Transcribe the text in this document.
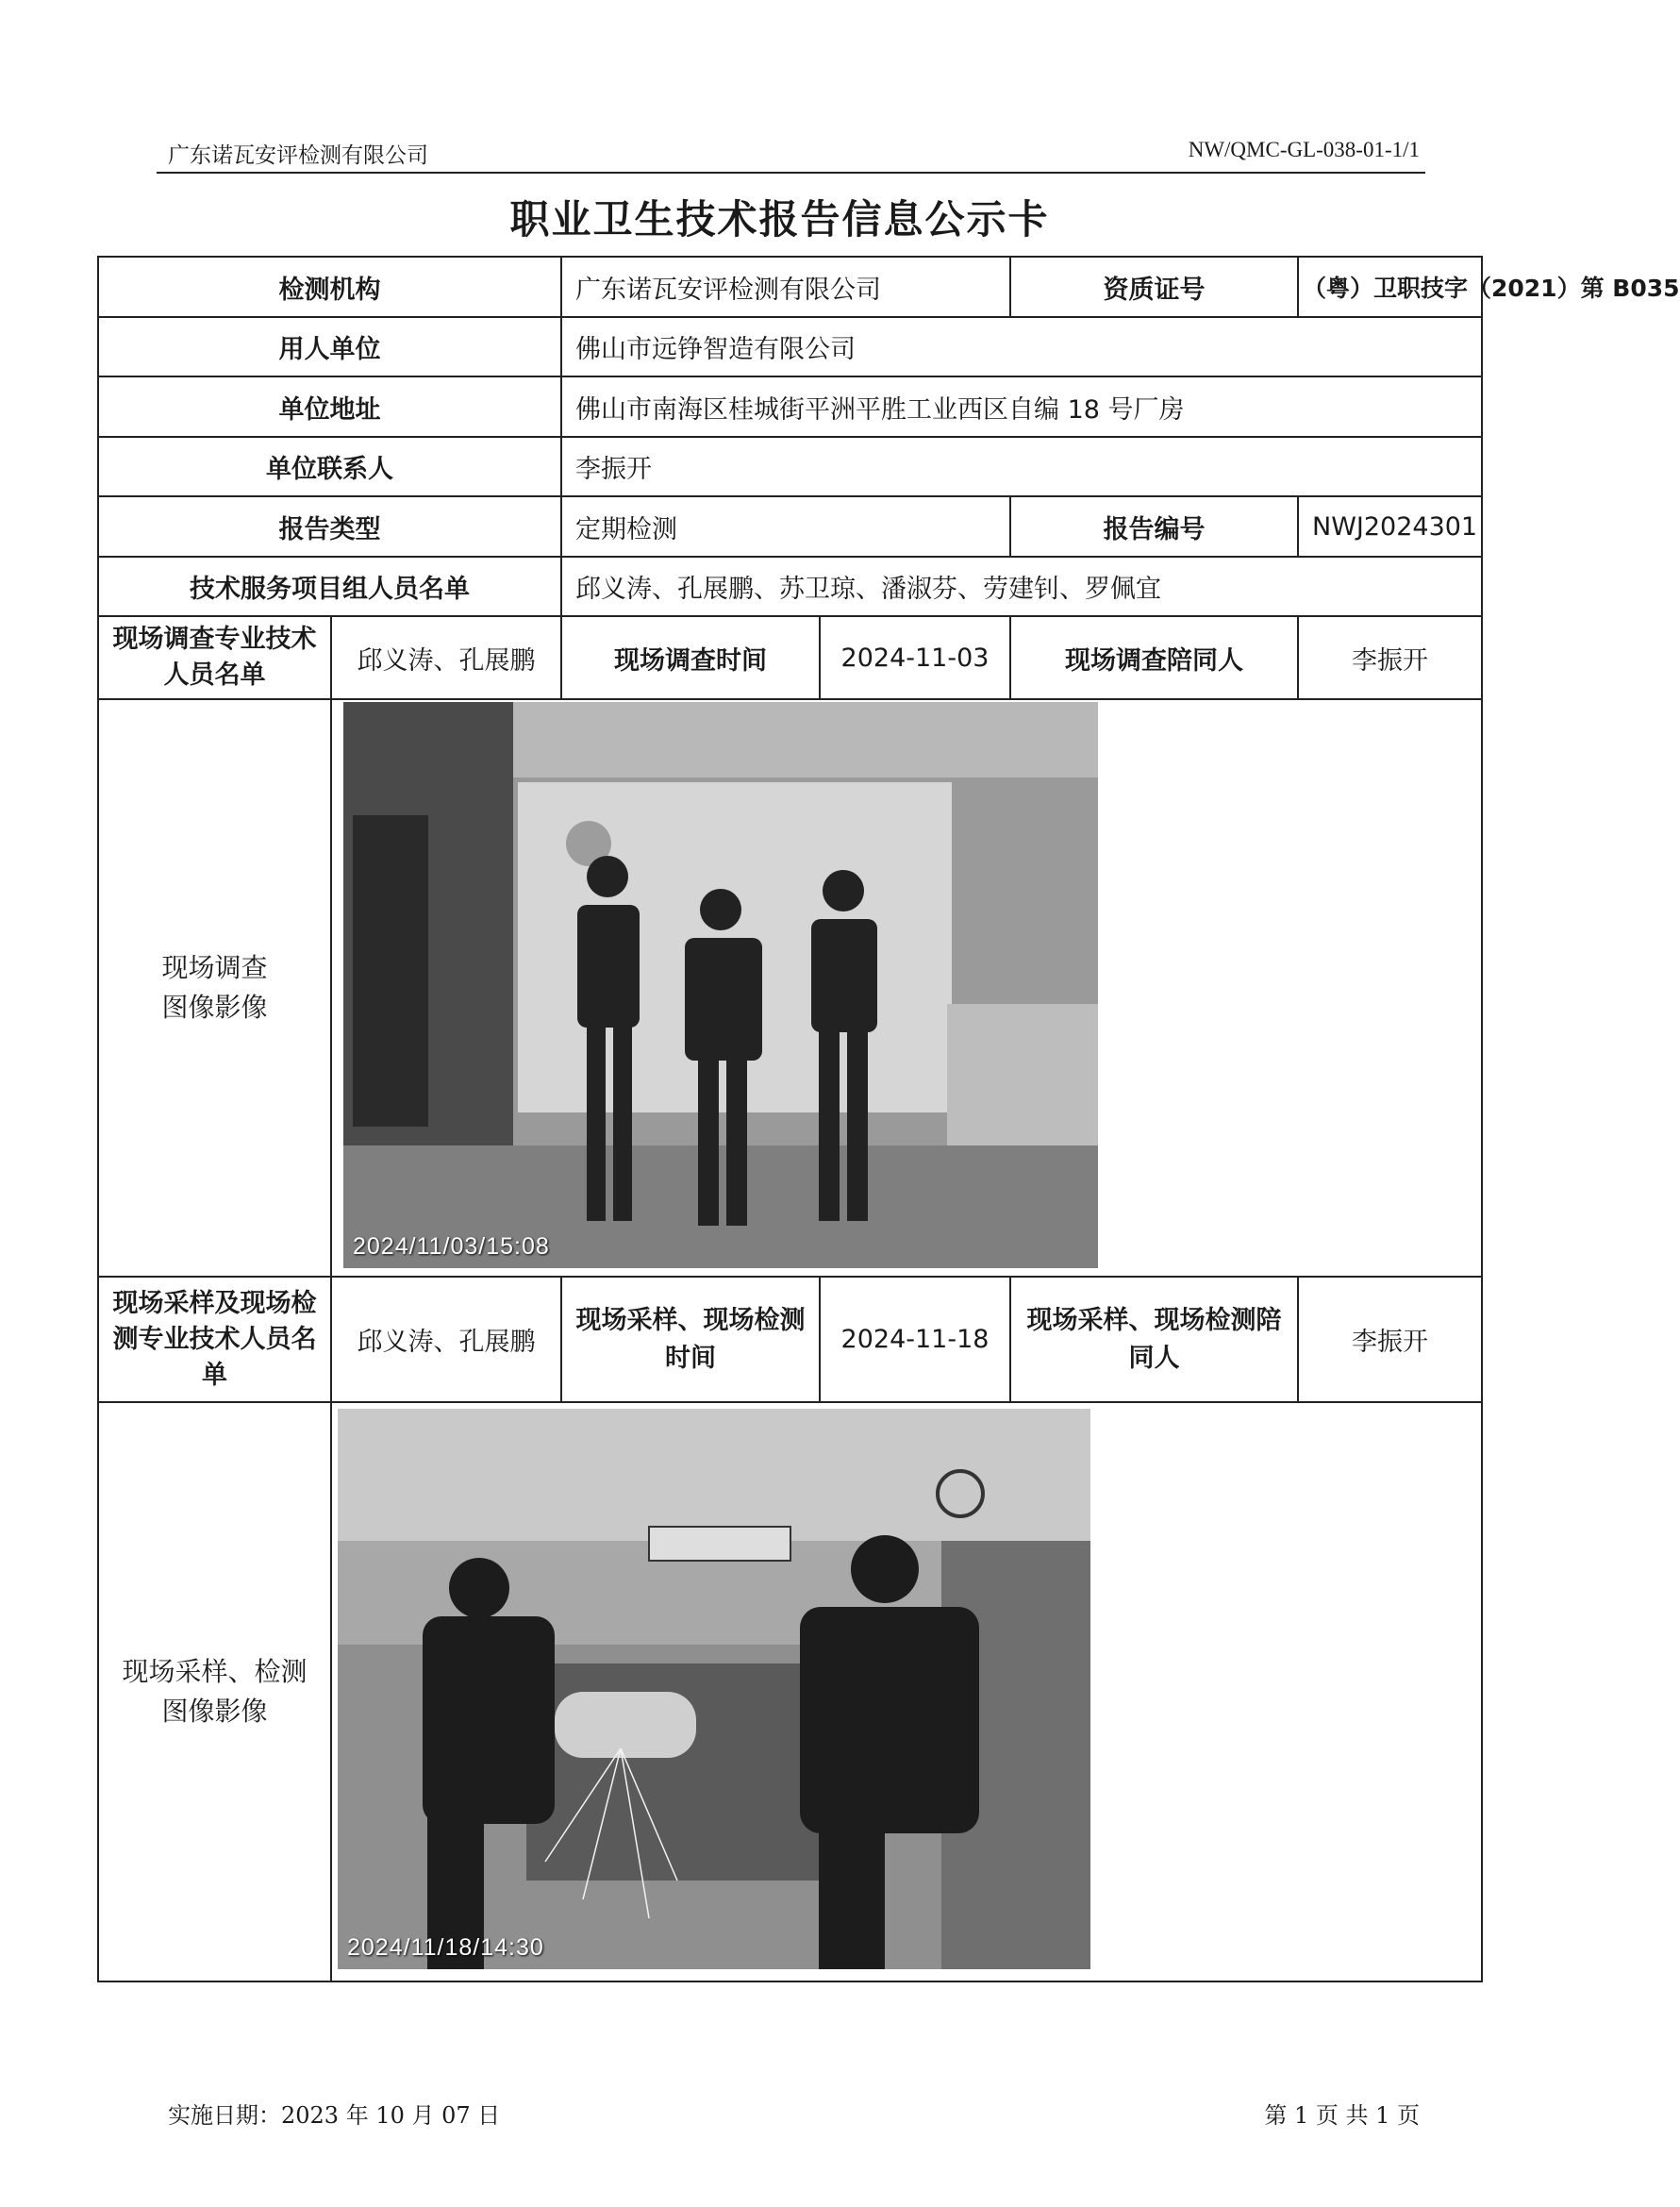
广东诺瓦安评检测有限公司	NW/QMC-GL-038-01-1/1
职业卫生技术报告信息公示卡
检测机构		广东诺瓦安评检测有限公司		资质证号	（粤）卫职技字（2021）第 B035
用人单位		佛山市远铮智造有限公司			
单位地址		佛山市南海区桂城街平洲平胜工业西区自编 18 号厂房			
单位联系人		李振开			
报告类型		定期检测		报告编号	NWJ2024301
技术服务项目组人员名单		邱义涛、孔展鹏、苏卫琼、潘淑芬、劳建钊、罗佩宜			
现场调查专业技术人员名单	邱义涛、孔展鹏	现场调查时间	2024-11-03	现场调查陪同人	李振开
现场调查
图像影像	2024/11/03/15:08				

现场采样及现场检测专业技术人员名单	邱义涛、孔展鹏	现场采样、现场检测时间	2024-11-18	现场采样、现场检测陪同人	李振开
现场采样、检测
图像影像	2024/11/18/14:30				
实施日期：2023 年 10 月 07 日	第 1 页 共 1 页
